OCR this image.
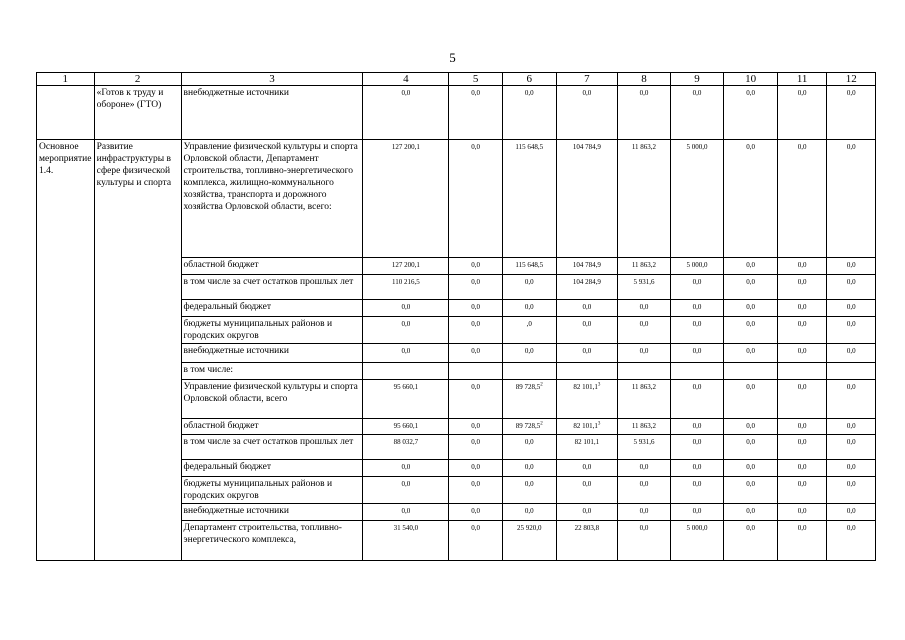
5
1	2	3	4	5	6	7	8	9	10	11	12
	«Готов к труду и обороне» (ГТО)	внебюджетные источники	0,0	0,0	0,0	0,0	0,0	0,0	0,0	0,0	0,0
Основное мероприятие 1.4.	Развитие инфраструктуры в сфере физической культуры и спорта	Управление физической культуры и спорта Орловской области, Департамент строительства, топливно-энергетического комплекса, жилищно-коммунального хозяйства, транспорта и дорожного хозяйства Орловской области, всего:	127 200,1	0,0	115 648,5	104 784,9	11 863,2	5 000,0	0,0	0,0	0,0
		областной бюджет	127 200,1	0,0	115 648,5	104 784,9	11 863,2	5 000,0	0,0	0,0	0,0
		в том числе за счет остатков прошлых лет	110 216,5	0,0	0,0	104 284,9	5 931,6	0,0	0,0	0,0	0,0
		федеральный бюджет	0,0	0,0	0,0	0,0	0,0	0,0	0,0	0,0	0,0
		бюджеты муниципальных районов и городских округов	0,0	0,0	,0	0,0	0,0	0,0	0,0	0,0	0,0
		внебюджетные источники	0,0	0,0	0,0	0,0	0,0	0,0	0,0	0,0	0,0
		в том числе:									
		Управление физической культуры и спорта Орловской области, всего	95 660,1	0,0	89 728,5$^2$	82 101,1$^3$	11 863,2	0,0	0,0	0,0	0,0
		областной бюджет	95 660,1	0,0	89 728,5$^2$	82 101,1$^3$	11 863,2	0,0	0,0	0,0	0,0
		в том числе за счет остатков прошлых лет	88 032,7	0,0	0,0	82 101,1	5 931,6	0,0	0,0	0,0	0,0
		федеральный бюджет	0,0	0,0	0,0	0,0	0,0	0,0	0,0	0,0	0,0
		бюджеты муниципальных районов и городских округов	0,0	0,0	0,0	0,0	0,0	0,0	0,0	0,0	0,0
		внебюджетные источники	0,0	0,0	0,0	0,0	0,0	0,0	0,0	0,0	0,0
		Департамент строительства, топливно-энергетического комплекса,	31 540,0	0,0	25 920,0	22 803,8	0,0	5 000,0	0,0	0,0	0,0
